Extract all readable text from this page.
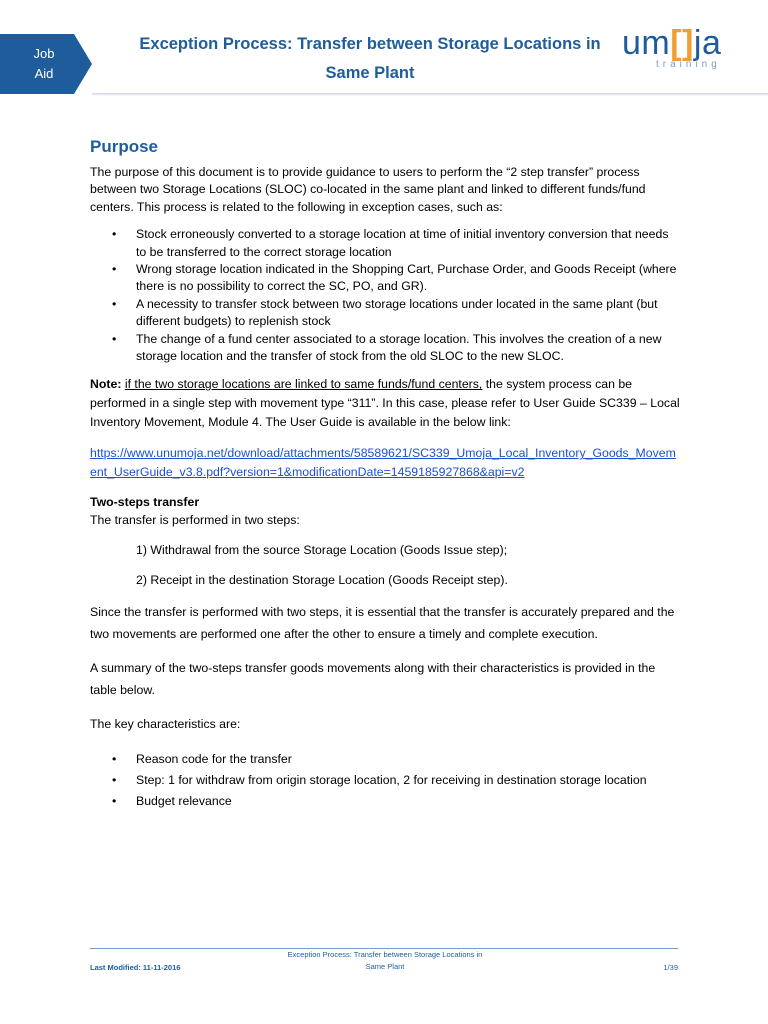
Job
Aid
Exception Process: Transfer between Storage Locations in
Same Plant
um[]ja
training
Purpose

The purpose of this document is to provide guidance to users to perform the “2 step transfer” process between two Storage Locations (SLOC) co-located in the same plant and linked to different funds/fund centers. This process is related to the following in exception cases, such as:

• Stock erroneously converted to a storage location at time of initial inventory conversion that needs to be transferred to the correct storage location
• Wrong storage location indicated in the Shopping Cart, Purchase Order, and Goods Receipt (where there is no possibility to correct the SC, PO, and GR).
• A necessity to transfer stock between two storage locations under located in the same plant (but different budgets) to replenish stock
• The change of a fund center associated to a storage location. This involves the creation of a new storage location and the transfer of stock from the old SLOC to the new SLOC.

Note: if the two storage locations are linked to same funds/fund centers, the system process can be performed in a single step with movement type “311”. In this case, please refer to User Guide SC339 – Local Inventory Movement, Module 4. The User Guide is available in the below link:

https://www.unumoja.net/download/attachments/58589621/SC339_Umoja_Local_Inventory_Goods_Movement_UserGuide_v3.8.pdf?version=1&modificationDate=1459185927868&api=v2

Two-steps transfer

The transfer is performed in two steps:

1) Withdrawal from the source Storage Location (Goods Issue step);

2) Receipt in the destination Storage Location (Goods Receipt step).

Since the transfer is performed with two steps, it is essential that the transfer is accurately prepared and the two movements are performed one after the other to ensure a timely and complete execution.

A summary of the two-steps transfer goods movements along with their characteristics is provided in the table below.

The key characteristics are:

• Reason code for the transfer
• Step: 1 for withdraw from origin storage location, 2 for receiving in destination storage location
• Budget relevance
Exception Process: Transfer between Storage Locations in
Same Plant
Last Modified: 11-11-2016	1/39
